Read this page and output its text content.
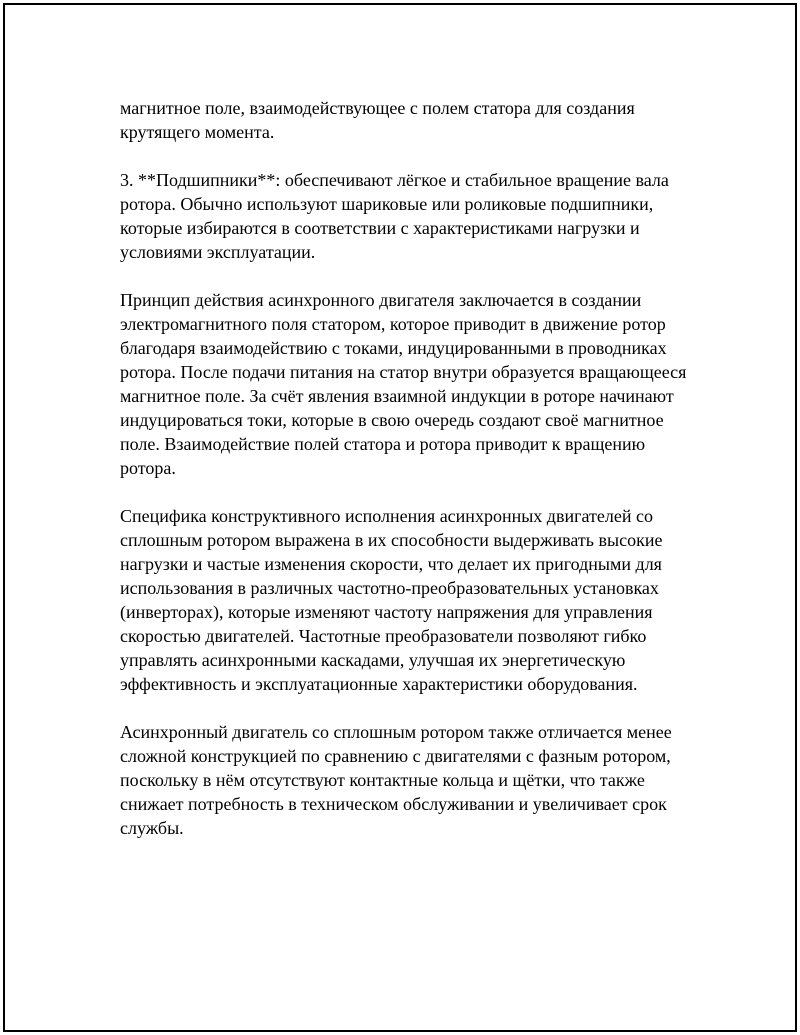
магнитное поле, взаимодействующее с полем статора для создания крутящего момента.

3. **Подшипники**: обеспечивают лёгкое и стабильное вращение вала ротора. Обычно используют шариковые или роликовые подшипники, которые избираются в соответствии с характеристиками нагрузки и условиями эксплуатации.

Принцип действия асинхронного двигателя заключается в создании электромагнитного поля статором, которое приводит в движение ротор благодаря взаимодействию с токами, индуцированными в проводниках ротора. После подачи питания на статор внутри образуется вращающееся магнитное поле. За счёт явления взаимной индукции в роторе начинают индуцироваться токи, которые в свою очередь создают своё магнитное поле. Взаимодействие полей статора и ротора приводит к вращению ротора.

Специфика конструктивного исполнения асинхронных двигателей со сплошным ротором выражена в их способности выдерживать высокие нагрузки и частые изменения скорости, что делает их пригодными для использования в различных частотно-преобразовательных установках (инверторах), которые изменяют частоту напряжения для управления скоростью двигателей. Частотные преобразователи позволяют гибко управлять асинхронными каскадами, улучшая их энергетическую эффективность и эксплуатационные характеристики оборудования.

Асинхронный двигатель со сплошным ротором также отличается менее сложной конструкцией по сравнению с двигателями с фазным ротором, поскольку в нём отсутствуют контактные кольца и щётки, что также снижает потребность в техническом обслуживании и увеличивает срок службы.
